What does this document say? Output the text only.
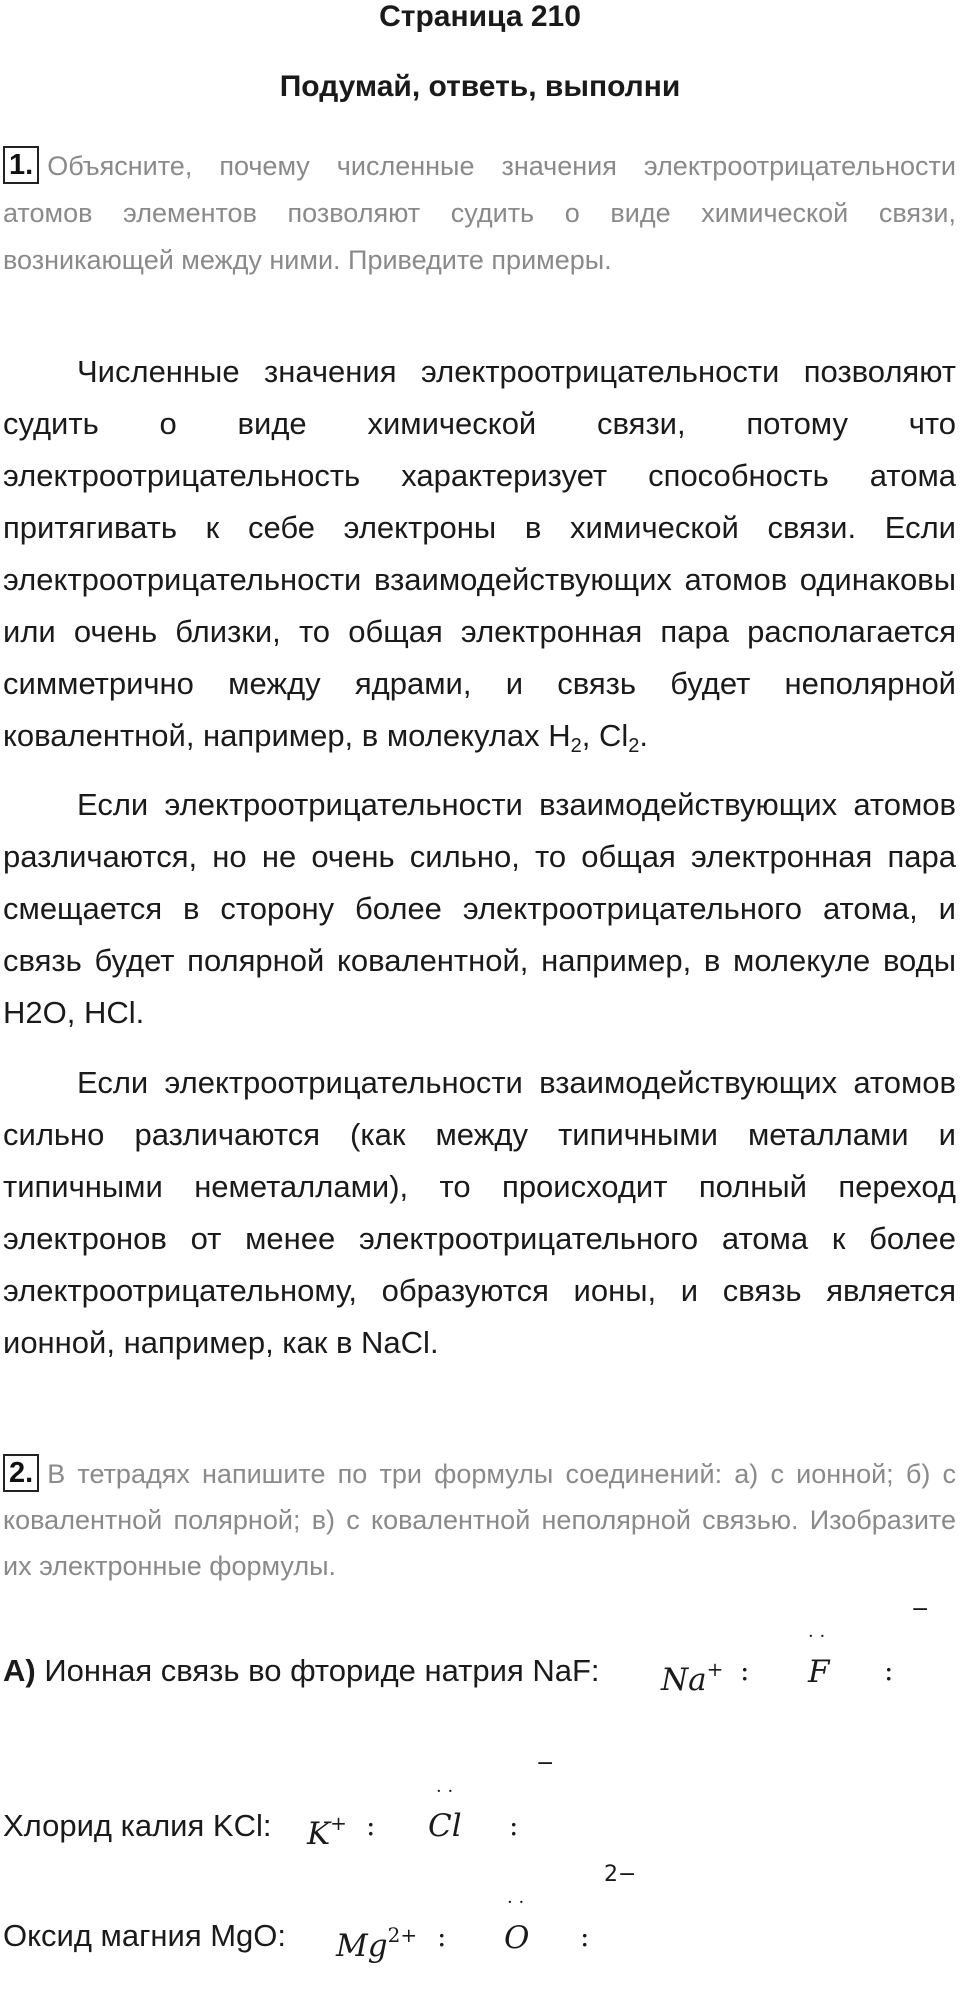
Страница 210
Подумай, ответь, выполни
1. Объясните, почему численные значения электроотрицательности атомов элементов позволяют судить о виде химической связи, возникающей между ними. Приведите примеры.
Численные значения электроотрицательности позволяют судить о виде химической связи, потому что электроотрицательность характеризует способность атома притягивать к себе электроны в химической связи. Если электроотрицательности взаимодействующих атомов одинаковы или очень близки, то общая электронная пара располагается симметрично между ядрами, и связь будет неполярной ковалентной, например, в молекулах $H_2$, $Cl_2$.
Если электроотрицательности взаимодействующих атомов различаются, но не очень сильно, то общая электронная пара смещается в сторону более электроотрицательного атома, и связь будет полярной ковалентной, например, в молекуле воды H2O, HCl.
Если электроотрицательности взаимодействующих атомов сильно различаются (как между типичными металлами и типичными неметаллами), то происходит полный переход электронов от менее электроотрицательного атома к более электроотрицательному, образуются ионы, и связь является ионной, например, как в NaCl.
2. В тетрадях напишите по три формулы соединений: а) с ионной; б) с ковалентной полярной; в) с ковалентной неполярной связью. Изобразите их электронные формулы.
А) Ионная связь во фториде натрия NaF: Na+ :
· ·
F :
−
Хлорид калия KCl: K+ :
· ·
Cl :
−
Оксид магния MgO: $Mg^{2+}$ :
· ·
O :
2−
